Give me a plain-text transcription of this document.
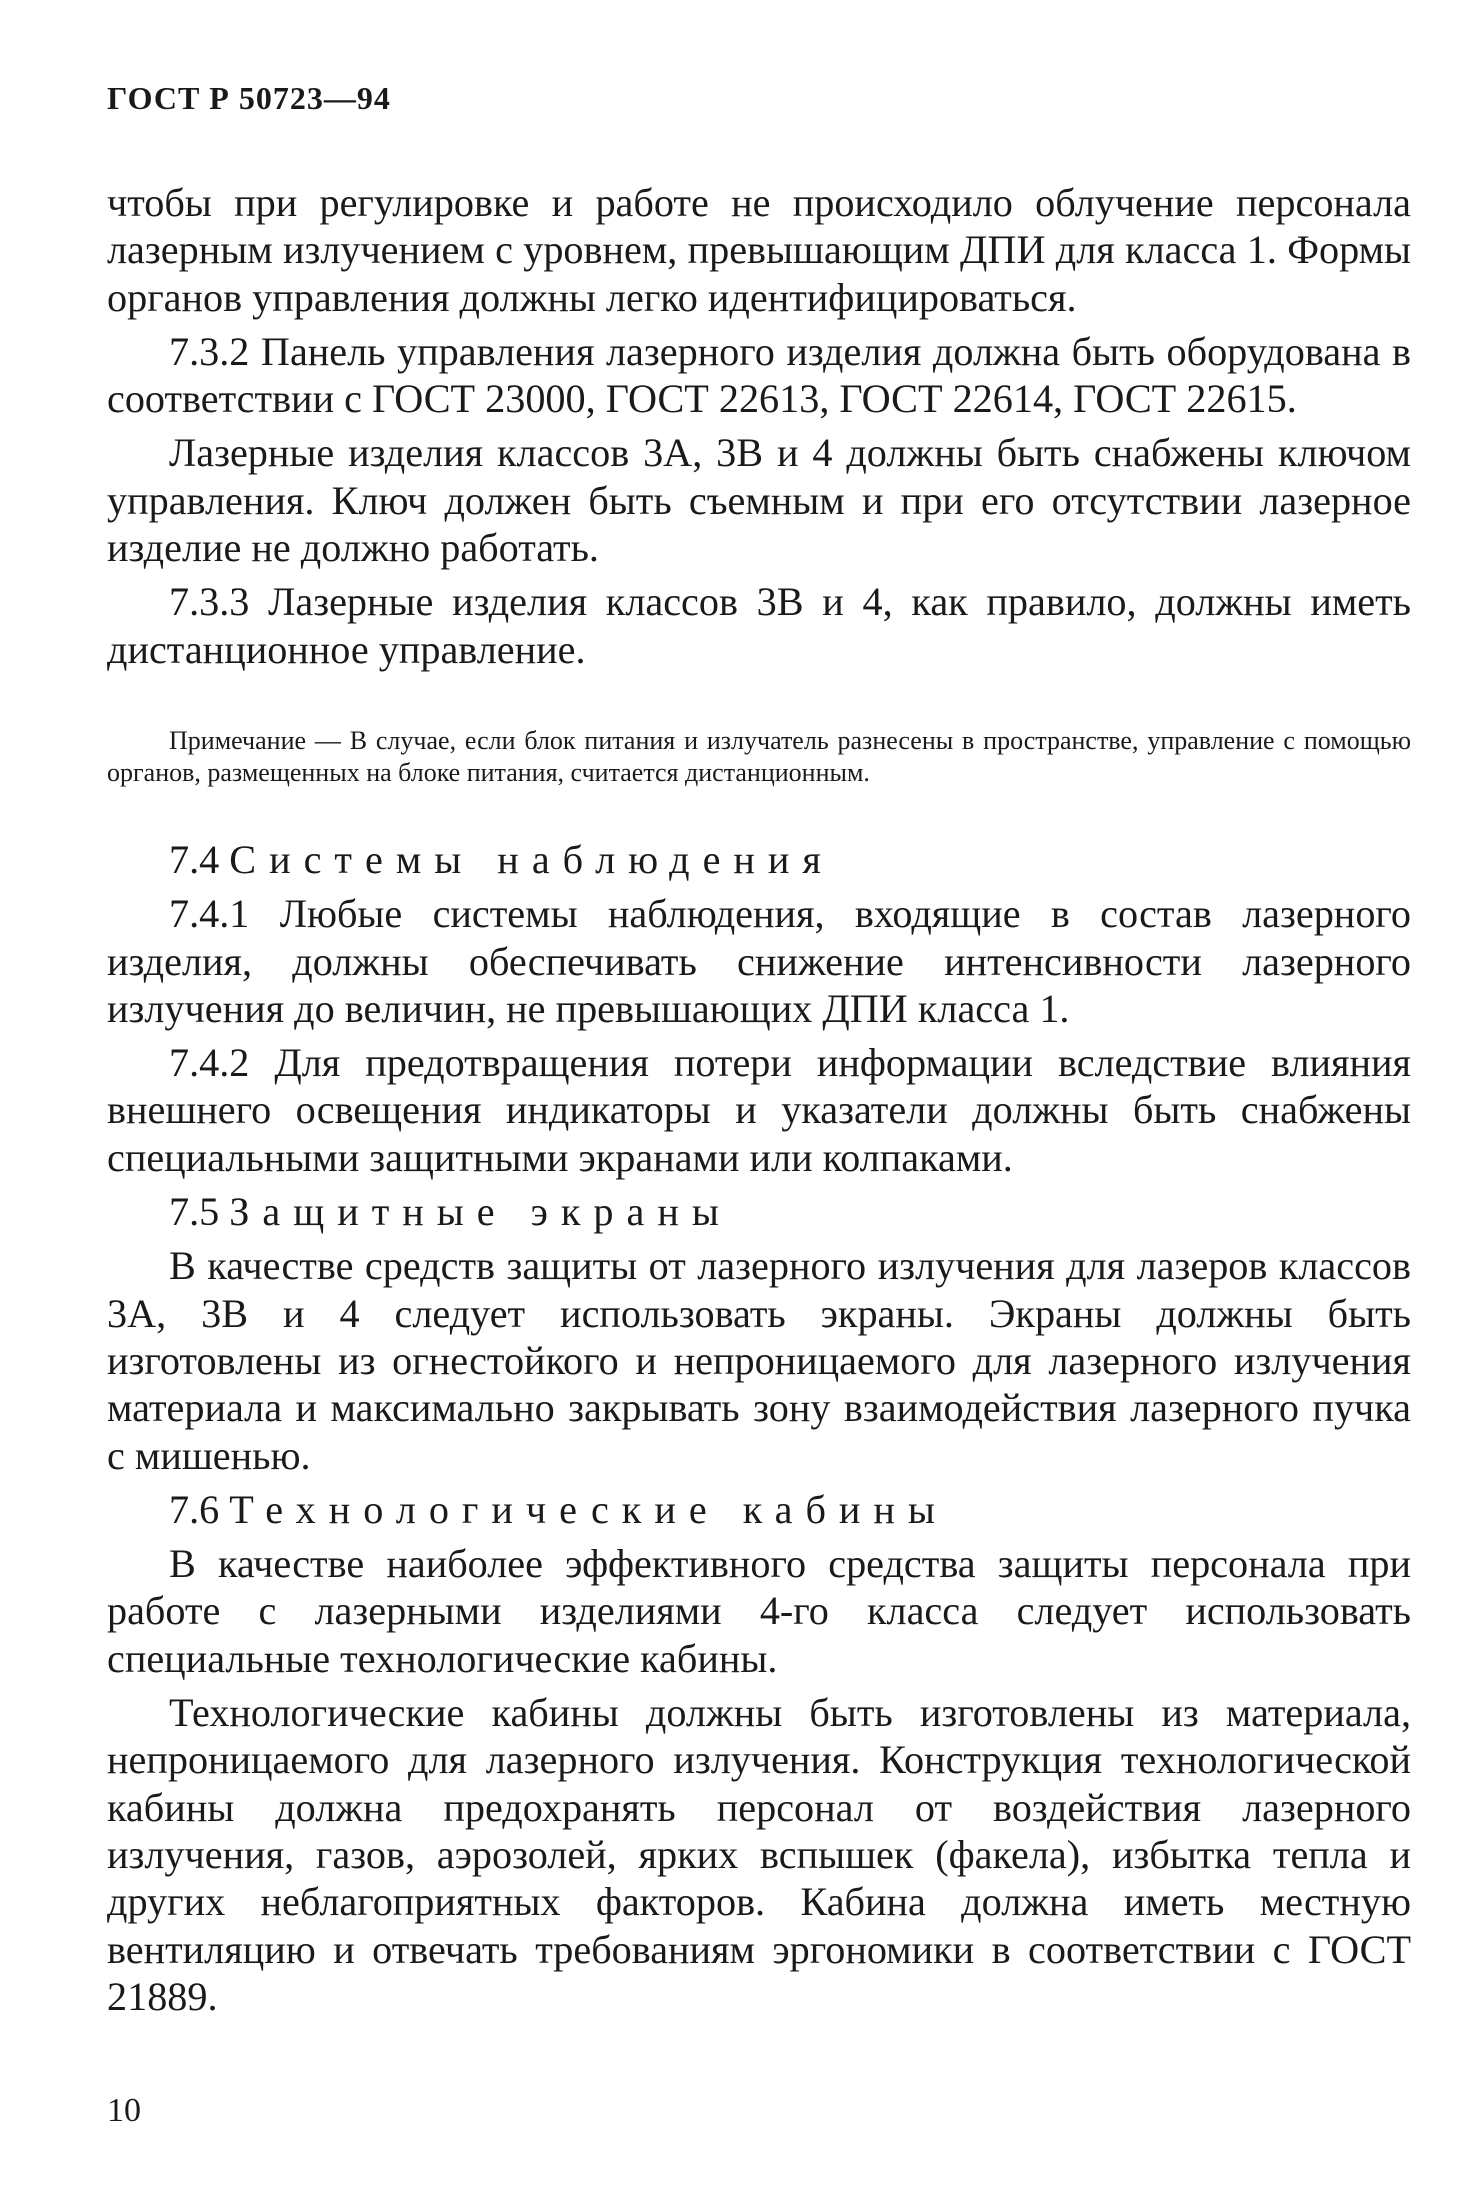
ГОСТ Р 50723—94

чтобы при регулировке и работе не происходило облучение персонала лазерным излучением с уровнем, превышающим ДПИ для класса 1. Формы органов управления должны легко идентифицироваться.

7.3.2 Панель управления лазерного изделия должна быть оборудована в соответствии с ГОСТ 23000, ГОСТ 22613, ГОСТ 22614, ГОСТ 22615.

Лазерные изделия классов 3А, 3В и 4 должны быть снабжены ключом управления. Ключ должен быть съемным и при его отсутствии лазерное изделие не должно работать.

7.3.3 Лазерные изделия классов 3В и 4, как правило, должны иметь дистанционное управление.

Примечание — В случае, если блок питания и излучатель разнесены в пространстве, управление с помощью органов, размещенных на блоке питания, считается дистанционным.

7.4 Системы наблюдения

7.4.1 Любые системы наблюдения, входящие в состав лазерного изделия, должны обеспечивать снижение интенсивности лазерного излучения до величин, не превышающих ДПИ класса 1.

7.4.2 Для предотвращения потери информации вследствие влияния внешнего освещения индикаторы и указатели должны быть снабжены специальными защитными экранами или колпаками.

7.5 Защитные экраны

В качестве средств защиты от лазерного излучения для лазеров классов 3А, 3В и 4 следует использовать экраны. Экраны должны быть изготовлены из огнестойкого и непроницаемого для лазерного излучения материала и максимально закрывать зону взаимодействия лазерного пучка с мишенью.

7.6 Технологические кабины

В качестве наиболее эффективного средства защиты персонала при работе с лазерными изделиями 4-го класса следует использовать специальные технологические кабины.

Технологические кабины должны быть изготовлены из материала, непроницаемого для лазерного излучения. Конструкция технологической кабины должна предохранять персонал от воздействия лазерного излучения, газов, аэрозолей, ярких вспышек (факела), избытка тепла и других неблагоприятных факторов. Кабина должна иметь местную вентиляцию и отвечать требованиям эргономики в соответствии с ГОСТ 21889.

10
